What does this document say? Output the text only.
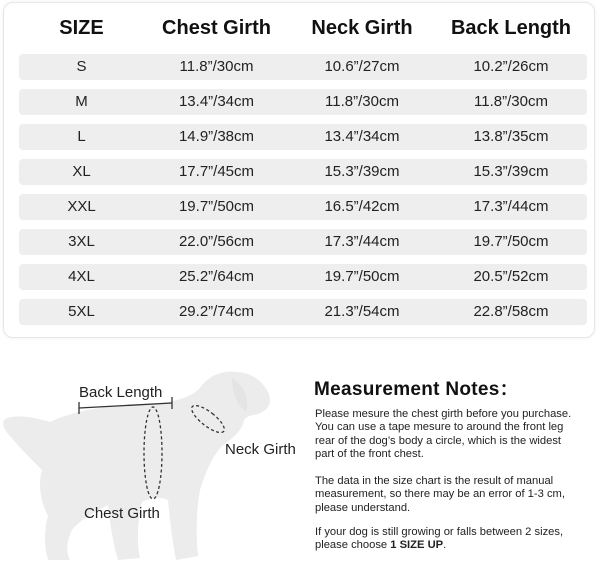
SIZE	Chest Girth	Neck Girth	Back Length
S	11.8”/30cm	10.6”/27cm	10.2”/26cm
M	13.4”/34cm	11.8”/30cm	11.8”/30cm
L	14.9”/38cm	13.4”/34cm	13.8”/35cm
XL	17.7”/45cm	15.3”/39cm	15.3”/39cm
XXL	19.7”/50cm	16.5”/42cm	17.3”/44cm
3XL	22.0”/56cm	17.3”/44cm	19.7”/50cm
4XL	25.2”/64cm	19.7”/50cm	20.5”/52cm
5XL	29.2”/74cm	21.3”/54cm	22.8”/58cm
Back Length
Neck Girth
Chest Girth
Measurement Notes：
Please mesure the chest girth before you purchase.
You can use a tape mesure to around the front leg
rear of the dog’s body a circle, which is the widest
part of the front chest.
The data in the size chart is the result of manual
measurement, so there may be an error of 1-3 cm,
please understand.
If your dog is still growing or falls between 2 sizes,
please choose 1 SIZE UP.
